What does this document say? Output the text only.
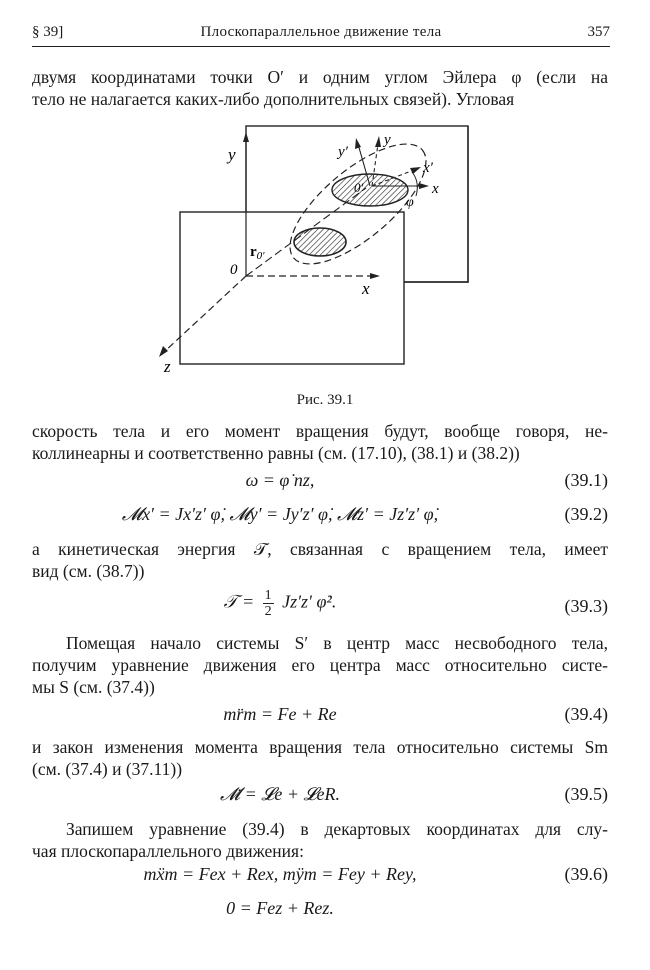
§ 39]	Плоскопараллельное движение тела	357
двумя координатами точки O′ и одним углом Эйлера φ (если на
тело не налагается каких-либо дополнительных связей). Угловая
y	y′
y
x′
x
0′
φ
$r_{0'}$
0
x
z
Рис. 39.1
скорость тела и его момент вращения будут, вообще говоря, не-
коллинеарны и соответственно равны (см. (17.10), (38.1) и (38.2))
ω = φ̇ nz,	(39.1)
𝓜x′ = Jx′z′ φ̇, 𝓜y′ = Jy′z′ φ̇, 𝓜z′ = Jz′z′ φ̇,	(39.2)
а кинетическая энергия 𝒯, связанная с вращением тела, имеет
вид (см. (38.7))
𝒯 = $\frac{1}{2} Jz'z'$ φ̇².	(39.3)
Помещая начало системы S′ в центр масс несвободного тела,
получим уравнение движения его центра масс относительно систе-
мы S (см. (37.4))
mr̈m = Fe + Re	(39.4)
и закон изменения момента вращения тела относительно системы Sm
(см. (37.4) и (37.11))
𝓜̇ = 𝓛e + 𝓛eR.	(39.5)
Запишем уравнение (39.4) в декартовых координатах для слу-
чая плоскопараллельного движения:
mẍm = Fex + Rex, mÿm = Fey + Rey,	(39.6)
0 = Fez + Rez.
